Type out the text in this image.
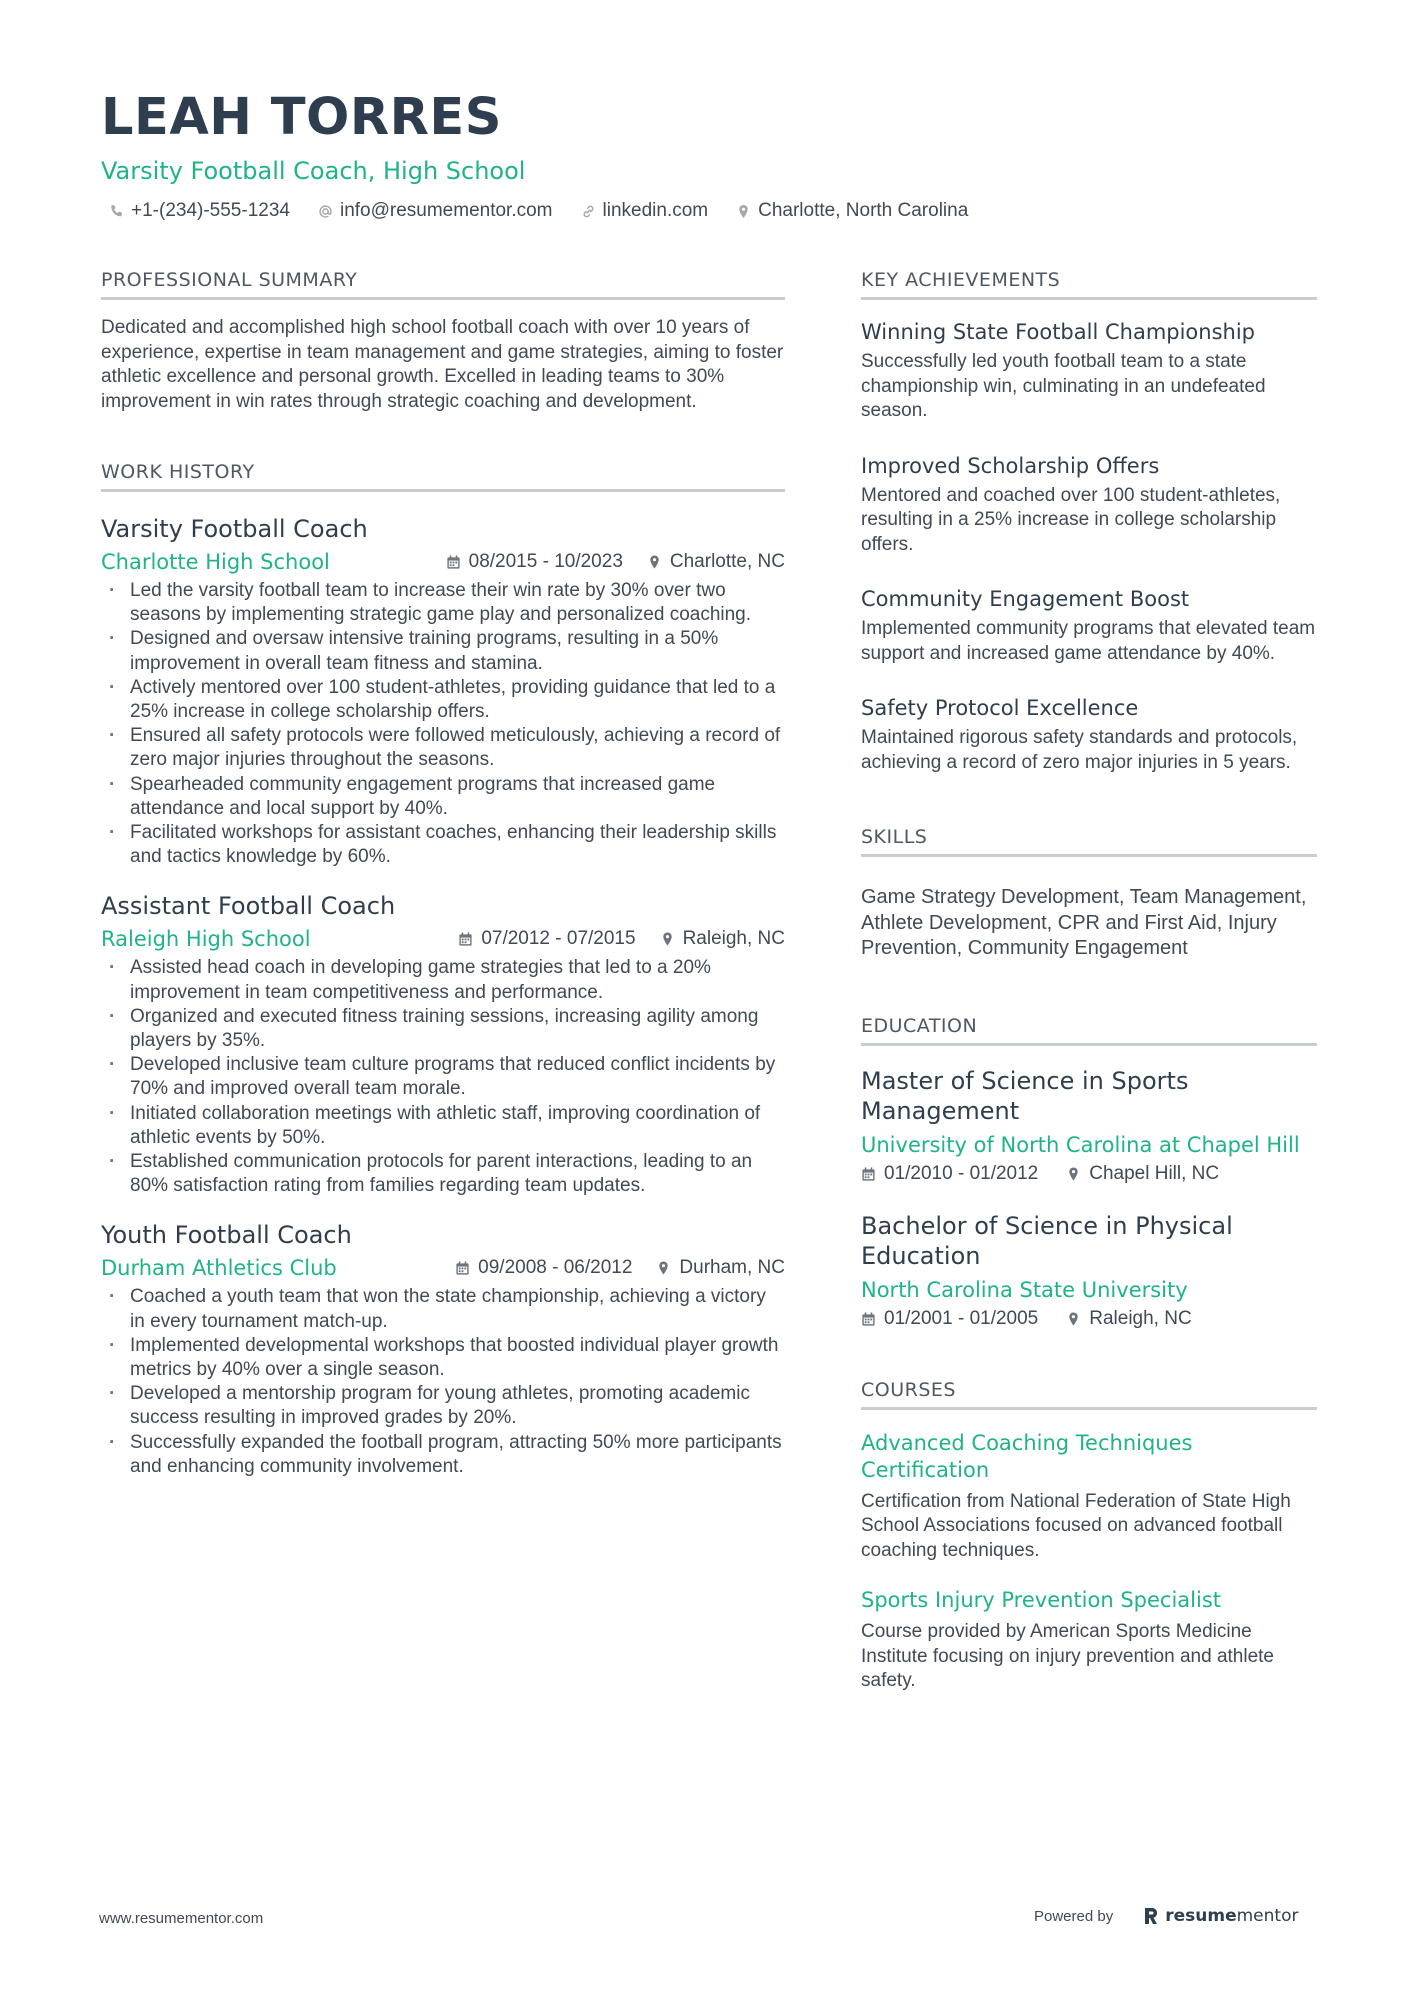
LEAH TORRES
Varsity Football Coach, High School
+1-(234)-555-1234	info@resumementor.com	linkedin.com	Charlotte, North Carolina
PROFESSIONAL SUMMARY
Dedicated and accomplished high school football coach with over 10 years of experience, expertise in team management and game strategies, aiming to foster athletic excellence and personal growth. Excelled in leading teams to 30% improvement in win rates through strategic coaching and development.
WORK HISTORY
Varsity Football Coach
Charlotte High School	08/2015 - 10/2023 Charlotte, NC
· Led the varsity football team to increase their win rate by 30% over two seasons by implementing strategic game play and personalized coaching.
· Designed and oversaw intensive training programs, resulting in a 50% improvement in overall team fitness and stamina.
· Actively mentored over 100 student-athletes, providing guidance that led to a 25% increase in college scholarship offers.
· Ensured all safety protocols were followed meticulously, achieving a record of zero major injuries throughout the seasons.
· Spearheaded community engagement programs that increased game attendance and local support by 40%.
· Facilitated workshops for assistant coaches, enhancing their leadership skills and tactics knowledge by 60%.
Assistant Football Coach
Raleigh High School	07/2012 - 07/2015 Raleigh, NC
· Assisted head coach in developing game strategies that led to a 20% improvement in team competitiveness and performance.
· Organized and executed fitness training sessions, increasing agility among players by 35%.
· Developed inclusive team culture programs that reduced conflict incidents by 70% and improved overall team morale.
· Initiated collaboration meetings with athletic staff, improving coordination of athletic events by 50%.
· Established communication protocols for parent interactions, leading to an 80% satisfaction rating from families regarding team updates.
Youth Football Coach
Durham Athletics Club	09/2008 - 06/2012 Durham, NC
· Coached a youth team that won the state championship, achieving a victory in every tournament match-up.
· Implemented developmental workshops that boosted individual player growth metrics by 40% over a single season.
· Developed a mentorship program for young athletes, promoting academic success resulting in improved grades by 20%.
· Successfully expanded the football program, attracting 50% more participants and enhancing community involvement.
KEY ACHIEVEMENTS
Winning State Football Championship
Successfully led youth football team to a state championship win, culminating in an undefeated season.
Improved Scholarship Offers
Mentored and coached over 100 student-athletes, resulting in a 25% increase in college scholarship offers.
Community Engagement Boost
Implemented community programs that elevated team support and increased game attendance by 40%.
Safety Protocol Excellence
Maintained rigorous safety standards and protocols, achieving a record of zero major injuries in 5 years.
SKILLS
Game Strategy Development, Team Management, Athlete Development, CPR and First Aid, Injury Prevention, Community Engagement
EDUCATION
Master of Science in Sports Management
University of North Carolina at Chapel Hill
01/2010 - 01/2012	Chapel Hill, NC
Bachelor of Science in Physical Education
North Carolina State University
01/2001 - 01/2005	Raleigh, NC
COURSES
Advanced Coaching Techniques Certification
Certification from National Federation of State High School Associations focused on advanced football coaching techniques.
Sports Injury Prevention Specialist
Course provided by American Sports Medicine Institute focusing on injury prevention and athlete safety.
www.resumementor.com	Powered by	resumementor
